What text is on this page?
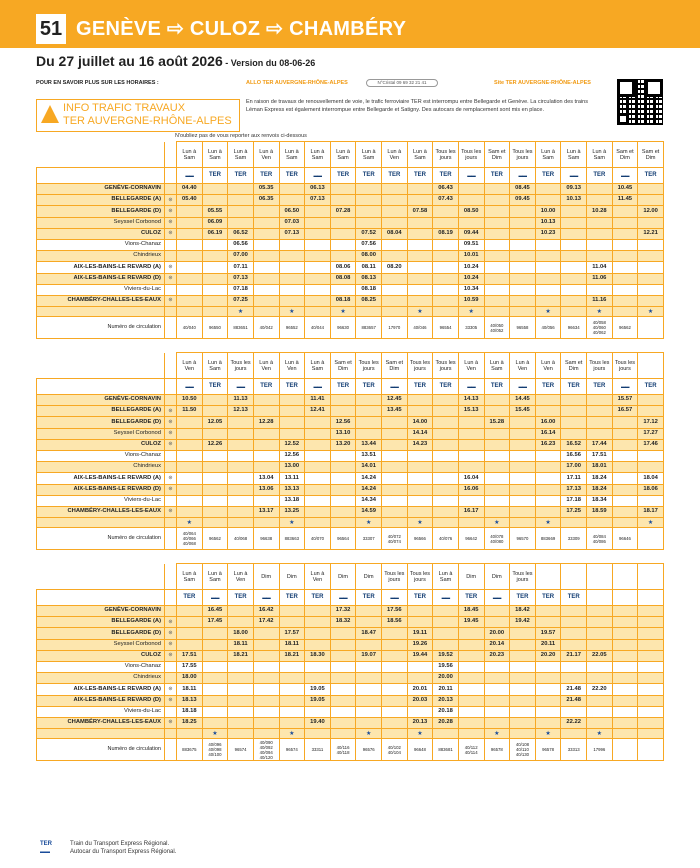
51 GENÈVE ⇨ CULOZ ⇨ CHAMBÉRY
Du 27 juillet au 16 août 2026 - Version du 08-06-26
POUR EN SAVOIR PLUS SUR LES HORAIRES :	ALLO TER AUVERGNE-RHÔNE-ALPES	N°Cristal 09 69 32 21 41	Site TER AUVERGNE-RHÔNE-ALPES
INFO TRAFIC TRAVAUX
TER AUVERGNE-RHÔNE-ALPES
En raison de travaux de renouvellement de voie, le trafic ferroviaire TER est interrompu entre Bellegarde et Genève. La circulation des trains Léman Express est également interrompue entre Bellegarde et Satigny. Des autocars de remplacement sont mis en place.
N'oubliez pas de vous reporter aux renvois ci-dessous
		Lun à Sam	Lun à Sam	Lun à Sam	Lun à Ven	Lun à Sam	Lun à Sam	Lun à Sam	Lun à Sam	Lun à Ven	Lun à Sam	Tous les jours	Tous les jours	Sam et Dim	Tous les jours	Lun à Sam	Lun à Sam	Lun à Sam	Sam et Dim	Sam et Dim

		▬▬	TER	TER	TER	TER	▬▬	TER	TER	TER	TER	TER	▬▬	TER	▬▬	TER	▬▬	TER	▬▬	TER
GENÈVE-CORNAVIN		04.40			05.35		06.13					06.43			08.45		09.13		10.45	
BELLEGARDE (A)	⊛	05.40			06.35		07.13					07.43			09.45		10.13		11.45	
BELLEGARDE (D)	⊛		05.55			06.50		07.28			07.58		08.50			10.00		10.28		12.00
Seyssel Corbonod	⊛		06.09			07.03										10.13				
CULOZ	⊛		06.19	06.52		07.13			07.52	08.04		08.19	09.44			10.23				12.21
Vions-Chanaz				06.56					07.56				09.51							
Chindrieux				07.00					08.00				10.01							
AIX-LES-BAINS-LE REVARD (A)	⊛			07.11				08.06	08.11	08.20			10.24					11.04		
AIX-LES-BAINS-LE REVARD (D)	⊛			07.13				08.08	08.13				10.24					11.06		
Viviers-du-Lac				07.18					08.18				10.34							
CHAMBÉRY-CHALLES-LES-EAUX	⊛			07.25				08.18	08.25				10.59					11.16		
				★		★		★			★		★			★		★		★
Numéro de circulation		40/040	96550	883651	40/042	96552	40/044	96630	883657	17970	40/046	96554	33305	40/050 40/052	96558	40/056	96634	40/058 40/060 40/062	96562	
		Lun à Ven	Lun à Sam	Tous les jours	Lun à Ven	Lun à Ven	Lun à Sam	Sam et Dim	Tous les jours	Sam et Dim	Tous les jours	Tous les jours	Lun à Ven	Lun à Sam	Lun à Ven	Lun à Ven	Sam et Dim	Tous les jours	Tous les jours	

		▬▬	TER	▬▬	TER	TER	▬▬	TER	TER	▬▬	TER	TER	▬▬	TER	▬▬	TER	TER	TER	▬▬	TER
GENÈVE-CORNAVIN		10.50		11.13			11.41			12.45			14.13		14.45				15.57	
BELLEGARDE (A)	⊛	11.50		12.13			12.41			13.45			15.13		15.45				16.57	
BELLEGARDE (D)	⊛		12.05		12.28			12.56			14.00			15.28		16.00				17.12
Seyssel Corbonod	⊛							13.10			14.14					16.14				17.27
CULOZ	⊛		12.26			12.52		13.20	13.44		14.23					16.23	16.52	17.44		17.46
Vions-Chanaz						12.56			13.51								16.56	17.51		
Chindrieux						13.00			14.01								17.00	18.01		
AIX-LES-BAINS-LE REVARD (A)	⊛				13.04	13.11			14.24				16.04				17.11	18.24		18.04
AIX-LES-BAINS-LE REVARD (D)	⊛				13.06	13.13			14.24				16.06				17.13	18.24		18.06
Viviers-du-Lac						13.18			14.34								17.18	18.34		
CHAMBÉRY-CHALLES-LES-EAUX	⊛				13.17	13.25			14.59				16.17				17.25	18.59		18.17
		★				★			★		★			★		★				★
Numéro de circulation		40/064 40/066 40/068	96562	40/068	96638	883663	40/070	96564	33307	40/072 40/074	96566	40/076	96642	40/078 40/080	96570	883669	33309	40/084 40/086	96646	
		Lun à Sam	Lun à Sam	Lun à Ven	Dim	Dim	Lun à Ven	Dim	Dim	Tous les jours	Tous les jours	Lun à Sam	Dim	Dim	Tous les jours					
		TER	▬▬	TER	▬▬	TER	TER	▬▬	TER	▬▬	TER	▬▬	TER	▬▬	TER	TER	TER			
GENÈVE-CORNAVIN			16.45		16.42			17.32		17.56			18.45		18.42					
BELLEGARDE (A)	⊛		17.45		17.42			18.32		18.56			19.45		19.42					
BELLEGARDE (D)	⊛			18.00		17.57			18.47		19.11			20.00		19.57				
Seyssel Corbonod	⊛			18.11		18.11					19.26			20.14		20.11				
CULOZ	⊛	17.51		18.21		18.21	18.30		19.07		19.44	19.52		20.23		20.20	21.17	22.05		
Vions-Chanaz		17.55										19.56								
Chindrieux		18.00										20.00								
AIX-LES-BAINS-LE REVARD (A)	⊛	18.11					19.05				20.01	20.11					21.48	22.20		
AIX-LES-BAINS-LE REVARD (D)	⊛	18.13					19.05				20.03	20.13					21.48			
Viviers-du-Lac		18.18										20.18								
CHAMBÉRY-CHALLES-LES-EAUX	⊛	18.25					19.40				20.13	20.28					22.22			
			★			★			★		★			★		★		★		
Numéro de circulation		883675	40/096 40/098 40/100	96574	40/090 40/092 40/094 40/120	96574	33311	40/116 40/118	96576	40/102 40/104	96648	883681	40/112 40/114	96578	40/108 40/110 40/130	96578	33313	17996		
TER	Train du Transport Express Régional.
▬▬	Autocar du Transport Express Régional.
